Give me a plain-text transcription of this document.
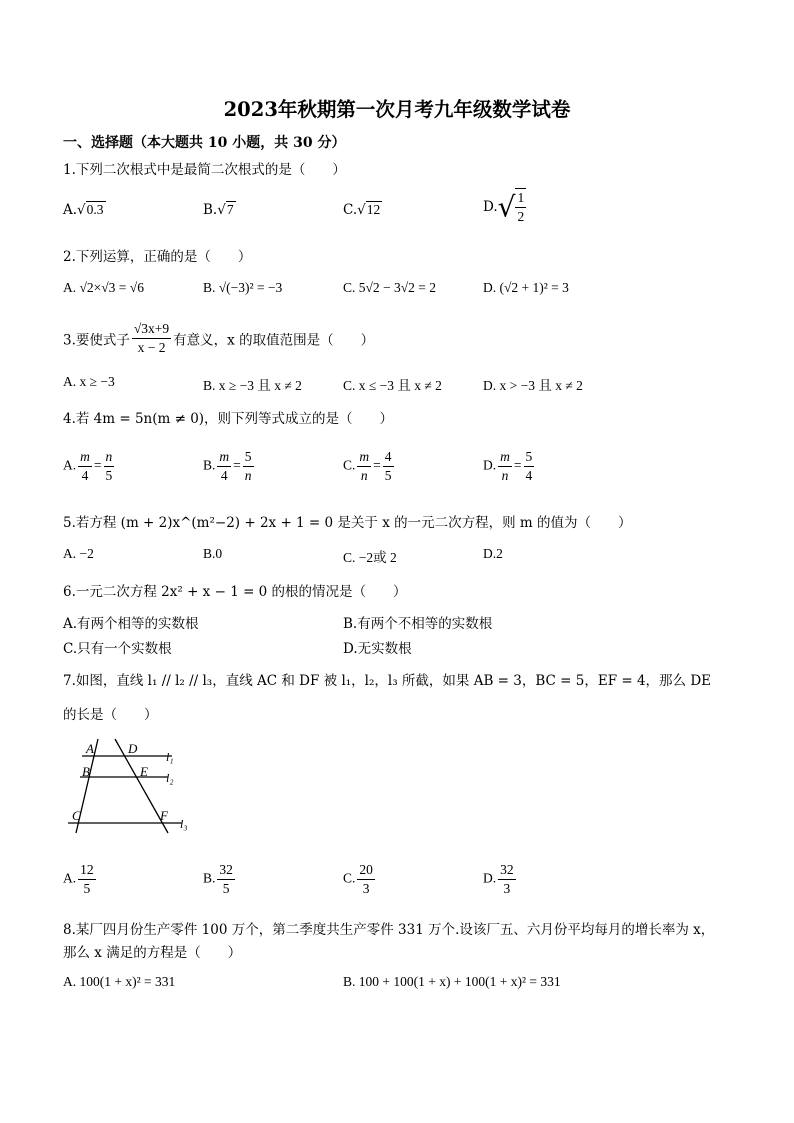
2023年秋期第一次月考九年级数学试卷
一、选择题（本大题共 10 小题，共 30 分）
1.下列二次根式中是最简二次根式的是（　　）
A.√0.3	B.√7	C.√12	$D.√ \frac{1}{2}$
2.下列运算，正确的是（　　）
A. √2×√3 = √6	B. √(−3)² = −3	C. 5√2 − 3√2 = 2	D. (√2 + 1)² = 3
3.要使式子 $\frac{√3x+9}{x - 2}$ 有意义，x 的取值范围是（　　）
A. x ≥ −3	B. x ≥ −3 且 x ≠ 2	C. x ≤ −3 且 x ≠ 2	D. x > −3 且 x ≠ 2
4.若 4m = 5n(m ≠ 0)，则下列等式成立的是（　　）
A. $\frac{m}{4} = \frac{n}{5}$	B. $\frac{m}{4} = \frac{5}{n}$	C. $\frac{m}{n} = \frac{4}{5}$	D. $\frac{m}{n} = \frac{5}{4}$
5.若方程 (m + 2)x^(m²−2) + 2x + 1 = 0 是关于 x 的一元二次方程，则 m 的值为（　　）
A. −2	B.0	C. −2或 2	D.2
6.一元二次方程 2x² + x − 1 = 0 的根的情况是（　　）
A.有两个相等的实数根	B.有两个不相等的实数根
C.只有一个实数根	D.无实数根
7.如图，直线 l₁ // l₂ // l₃，直线 AC 和 DF 被 l₁，l₂，l₃ 所截，如果 AB = 3，BC = 5，EF = 4，那么 DE
的长是（　　）
A	D
l₁
B	E l₂
C	F
l₃
A. $\frac{12}{5}$	B. $\frac{32}{5}$	C. $\frac{20}{3}$	D. $\frac{32}{3}$
8.某厂四月份生产零件 100 万个，第二季度共生产零件 331 万个.设该厂五、六月份平均每月的增长率为 x，
那么 x 满足的方程是（　　）
A. 100(1 + x)² = 331	B. 100 + 100(1 + x) + 100(1 + x)² = 331
